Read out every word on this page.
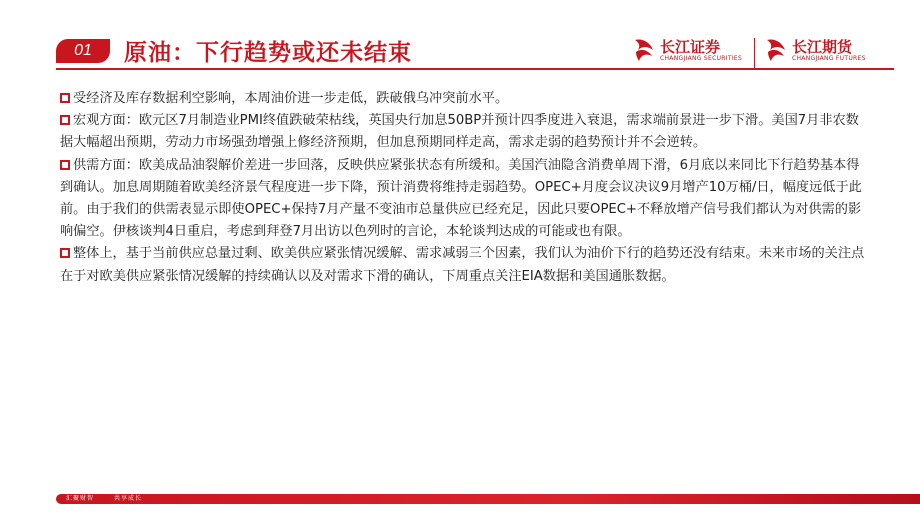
01	原油：下行趋势或还未结束	长江证券
CHANGJIANG SECURITIES
长江期货
CHANGJIANG FUTURES

受经济及库存数据利空影响，本周油价进一步走低，跌破俄乌冲突前水平。

宏观方面：欧元区7月制造业PMI终值跌破荣枯线，英国央行加息50BP并预计四季度进入衰退，需求端前景进一步下滑。美国7月非农数据大幅超出预期，劳动力市场强劲增强上修经济预期，但加息预期同样走高，需求走弱的趋势预计并不会逆转。

供需方面：欧美成品油裂解价差进一步回落，反映供应紧张状态有所缓和。美国汽油隐含消费单周下滑，6月底以来同比下行趋势基本得到确认。加息周期随着欧美经济景气程度进一步下降，预计消费将维持走弱趋势。OPEC+月度会议决议9月增产10万桶/日，幅度远低于此前。由于我们的供需表显示即使OPEC+保持7月产量不变油市总量供应已经充足，因此只要OPEC+不释放增产信号我们都认为对供需的影响偏空。伊核谈判4日重启，考虑到拜登7月出访以色列时的言论，本轮谈判达成的可能或也有限。

整体上，基于当前供应总量过剩、欧美供应紧张情况缓解、需求减弱三个因素，我们认为油价下行的趋势还没有结束。未来市场的关注点在于对欧美供应紧张情况缓解的持续确认以及对需求下滑的确认，下周重点关注EIA数据和美国通胀数据。

汇聚财智	共享成长
